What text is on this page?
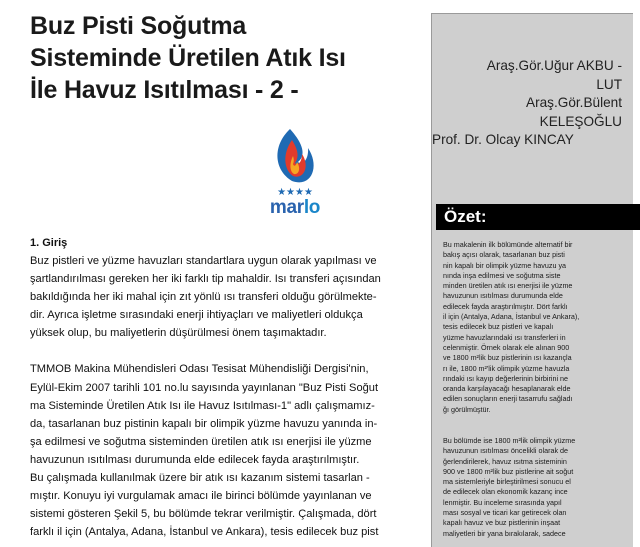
Buz Pisti Soğutma
Sisteminde Üretilen Atık Isı
İle Havuz Isıtılması - 2 -
★★★★
marlo
1. Giriş

Buz pistleri ve yüzme havuzları standartlara uygun olarak yapılması ve
şartlandırılması gereken her iki farklı tip mahaldir. Isı transferi açısından
bakıldığında her iki mahal için zıt yönlü ısı transferi olduğu görülmekte-
dir. Ayrıca işletme sırasındaki enerji ihtiyaçları ve maliyetleri oldukça
yüksek olup, bu maliyetlerin düşürülmesi önem taşımaktadır.

TMMOB Makina Mühendisleri Odası Tesisat Mühendisliği Dergisi'nin,
Eylül-Ekim 2007 tarihli 101 no.lu sayısında yayınlanan "Buz Pisti Soğut
ma Sisteminde Üretilen Atık Isı ile Havuz Isıtılması-1" adlı çalışmamız-
da, tasarlanan buz pistinin kapalı bir olimpik yüzme havuzu yanında in-
şa edilmesi ve soğutma sisteminden üretilen atık ısı enerjisi ile yüzme
havuzunun ısıtılması durumunda elde edilecek fayda araştırılmıştır.
Bu çalışmada kullanılmak üzere bir atık ısı kazanım sistemi tasarlan -
mıştır. Konuyu iyi vurgulamak amacı ile birinci bölümde yayınlanan ve
sistemi gösteren Şekil 5, bu bölümde tekrar verilmiştir. Çalışmada, dört
farklı il için (Antalya, Adana, İstanbul ve Ankara), tesis edilecek buz pist

Araş.Gör.Uğur AKBU -
LUT
Araş.Gör.Bülent
KELEŞOĞLU
Prof. Dr. Olcay KINCAY
Özet:

Bu makalenin ilk bölümünde alternatif bir
bakış açısı olarak, tasarlanan buz pisti
nin kapalı bir olimpik yüzme havuzu ya
nında inşa edilmesi ve soğutma siste
minden üretilen atık ısı enerjisi ile yüzme
havuzunun ısıtılması durumunda elde
edilecek fayda araştırılmıştır. Dört farklı
il için (Antalya, Adana, İstanbul ve Ankara),
tesis edilecek buz pistleri ve kapalı
yüzme havuzlarındaki ısı transferleri in
celenmiştir. Örnek olarak ele alınan 900
ve 1800 m²lik buz pistlerinin ısı kazançla
rı ile, 1800 m²'lik olimpik yüzme havuzla
rındaki ısı kayıp değerlerinin birbirini ne
oranda karşılayacağı hesaplanarak elde
edilen sonuçların enerji tasarrufu sağladı
ğı görülmüştür.

Bu bölümde ise 1800 m²lik olimpik yüzme
havuzunun ısıtılması öncelikli olarak de
ğerlendirilerek, havuz ısıtma sisteminin
900 ve 1800 m²lik buz pistlerine ait soğut
ma sistemleriyle birleştirilmesi sonucu el
de edilecek olan ekonomik kazanç ince
lenmiştir. Bu inceleme sırasında yapıl
ması sosyal ve ticari kar getirecek olan
kapalı havuz ve buz pistlerinin inşaat
maliyetleri bir yana bırakılarak, sadece
